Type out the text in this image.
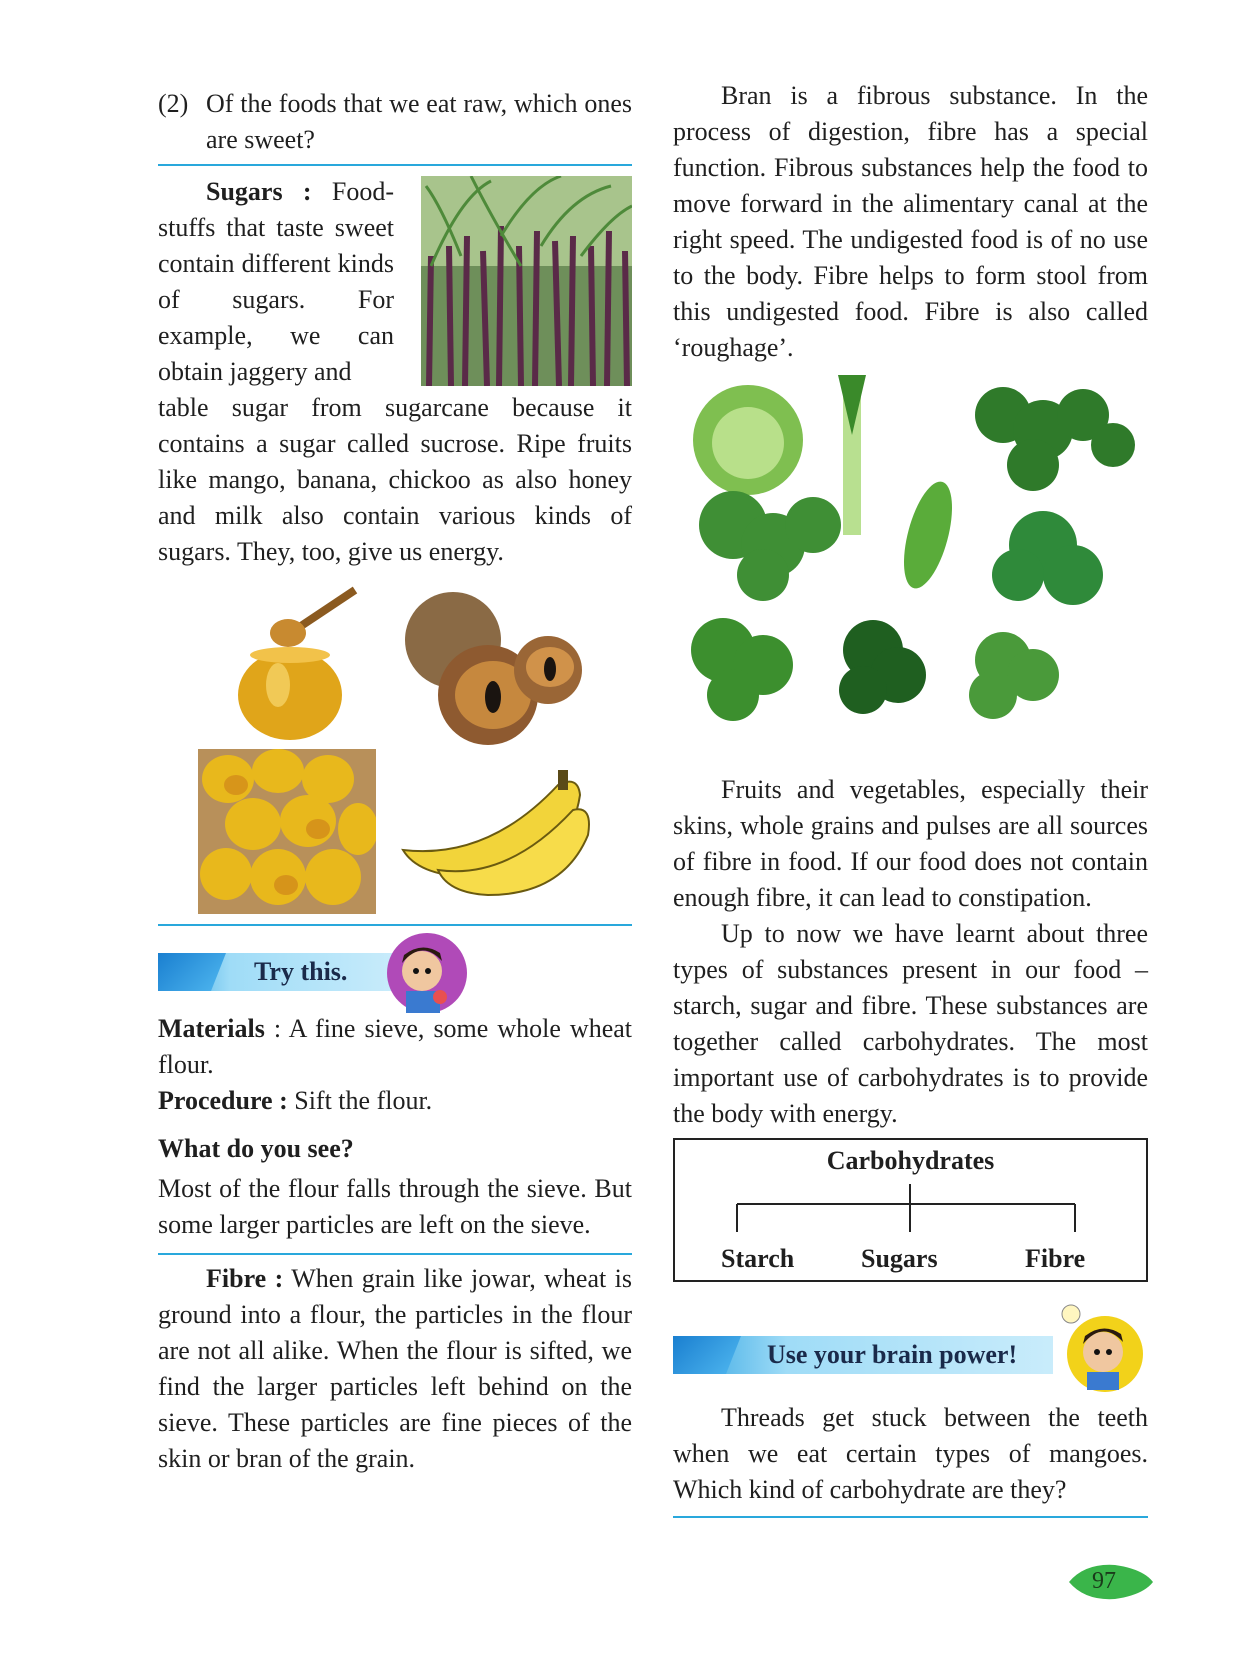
(2) Of the foods that we eat raw, which ones are sweet?

Sugars : Food-stuffs that taste sweet contain different kinds of sugars. For example, we can obtain jaggery and

table sugar from sugarcane because it contains a sugar called sucrose. Ripe fruits like mango, banana, chickoo as also honey and milk also contain various kinds of sugars. They, too, give us energy.

Try this.

Materials : A fine sieve, some whole wheat flour.

Procedure : Sift the flour.

What do you see?

Most of the flour falls through the sieve. But some larger particles are left on the sieve.

Fibre : When grain like jowar, wheat is ground into a flour, the particles in the flour are not all alike. When the flour is sifted, we find the larger particles left behind on the sieve. These particles are fine pieces of the skin or bran of the grain.

Bran is a fibrous substance. In the process of digestion, fibre has a special function. Fibrous substances help the food to move forward in the alimentary canal at the right speed. The undigested food is of no use to the body. Fibre helps to form stool from this undigested food. Fibre is also called ‘roughage’.

Fruits and vegetables, especially their skins, whole grains and pulses are all sources of fibre in food. If our food does not contain enough fibre, it can lead to constipation.

Up to now we have learnt about three types of substances present in our food – starch, sugar and fibre. These substances are together called carbohydrates. The most important use of carbohydrates is to provide the body with energy.

Carbohydrates
Starch	Sugars	Fibre
Use your brain power!

Threads get stuck between the teeth when we eat certain types of mangoes. Which kind of carbohydrate are they?

97
